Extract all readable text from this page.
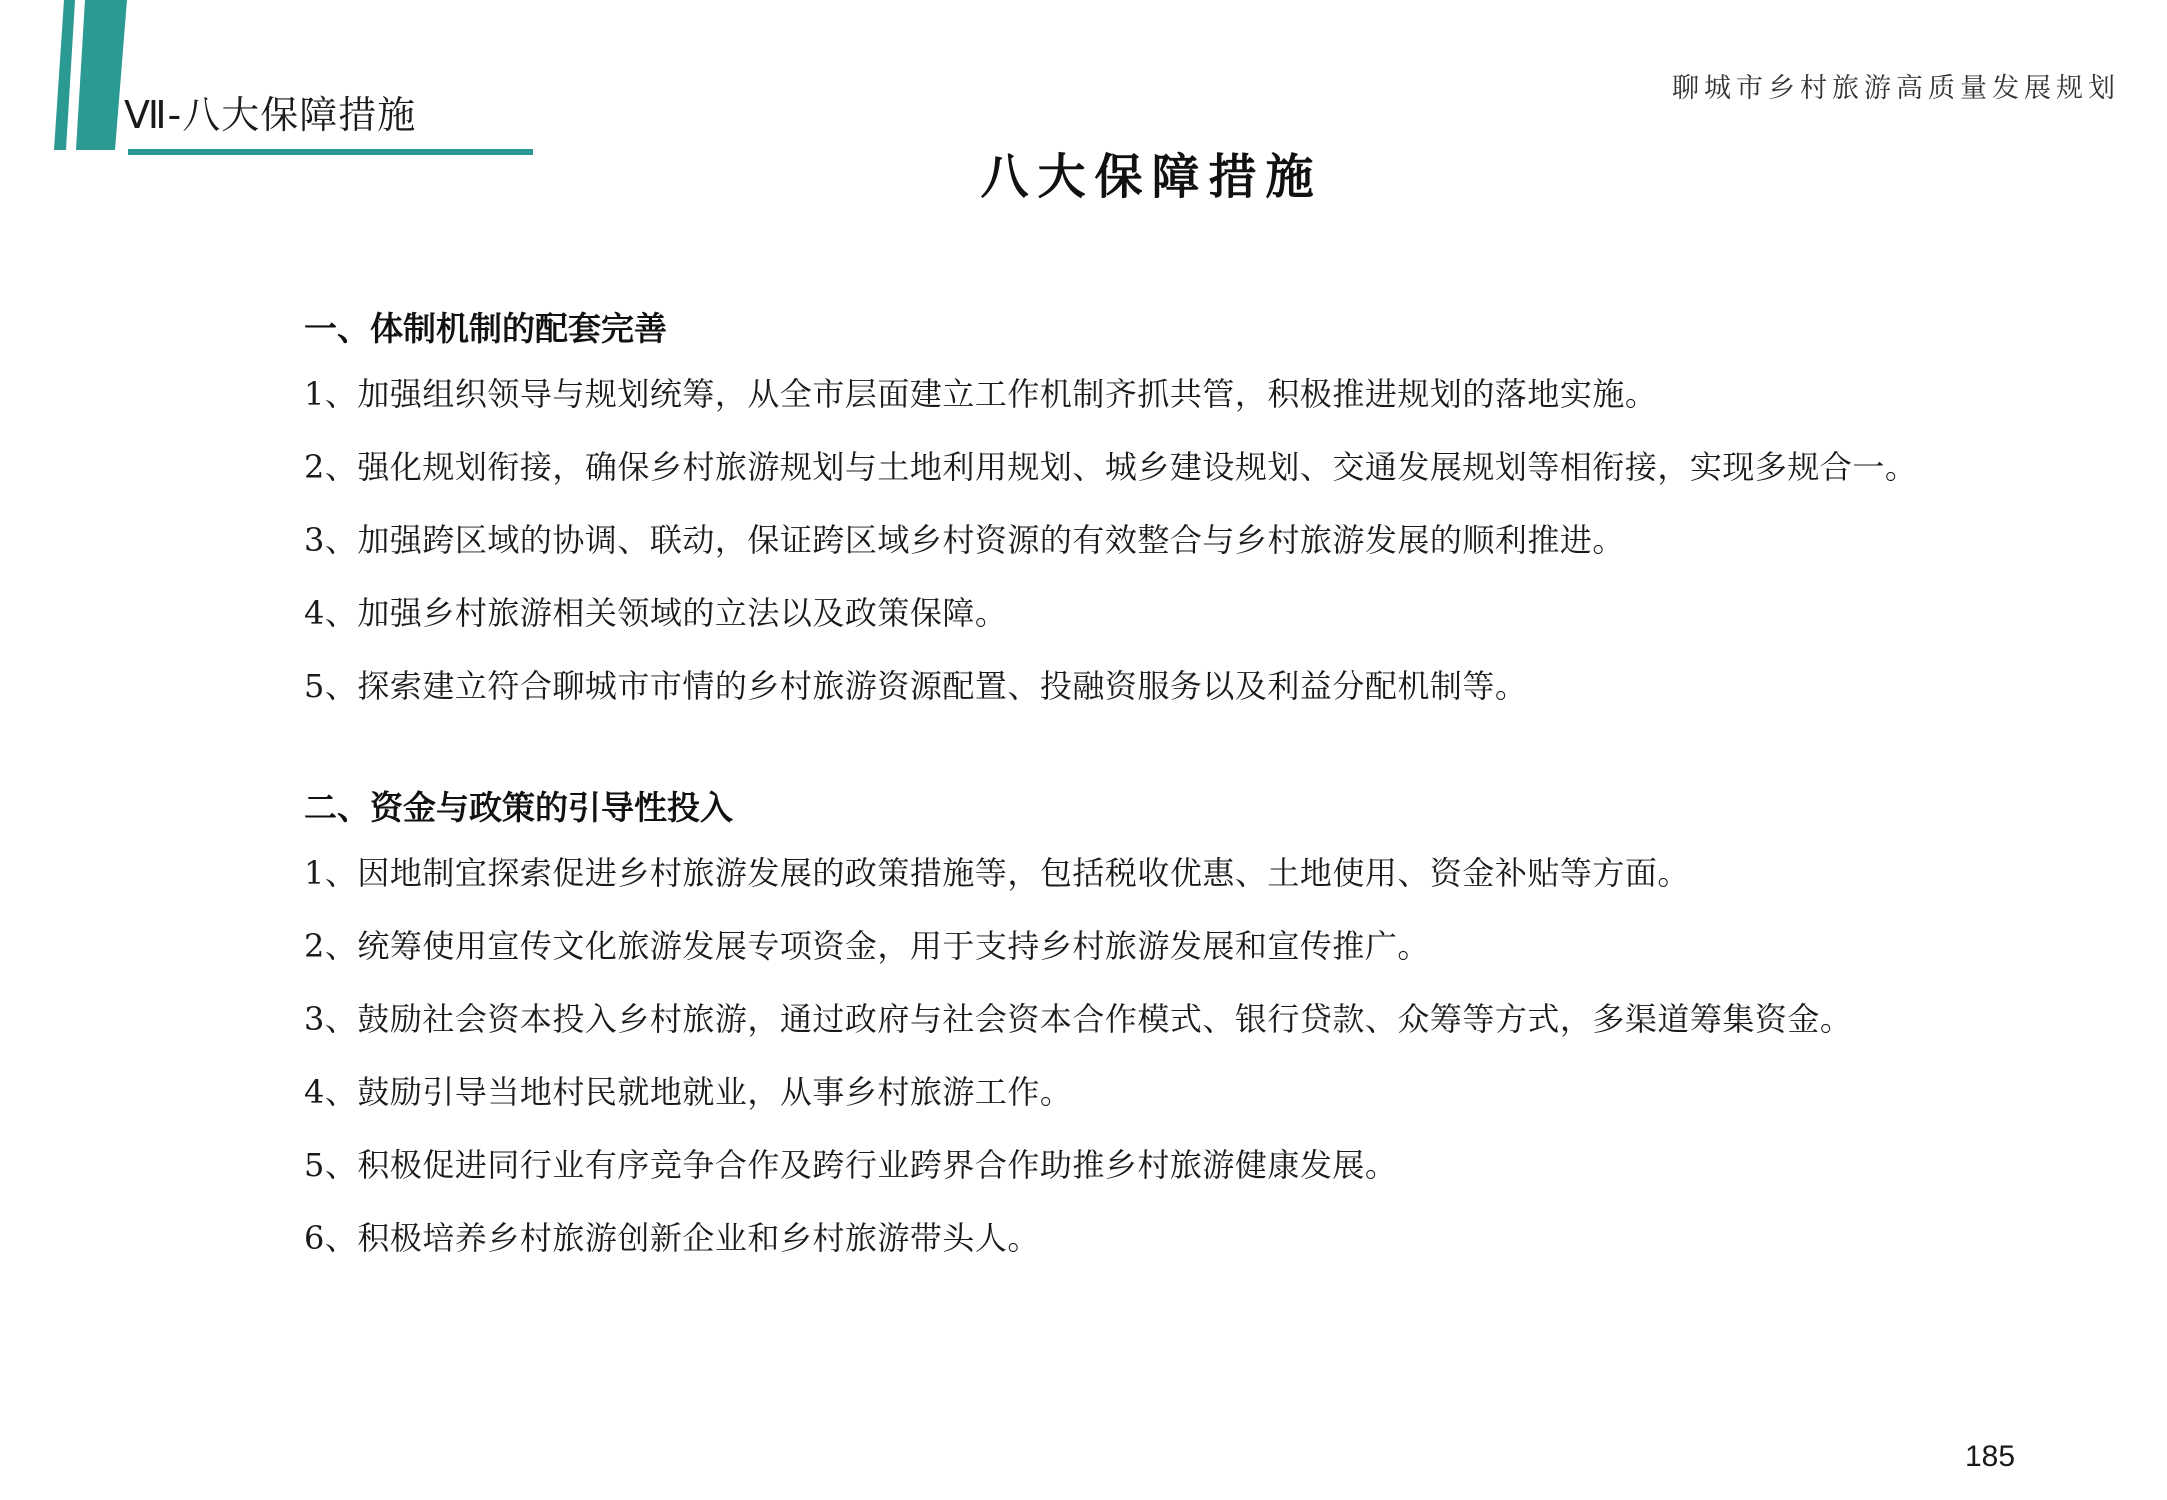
Ⅶ-八大保障措施
聊城市乡村旅游高质量发展规划
八大保障措施
一、体制机制的配套完善
1、加强组织领导与规划统筹，从全市层面建立工作机制齐抓共管，积极推进规划的落地实施。
2、强化规划衔接，确保乡村旅游规划与土地利用规划、城乡建设规划、交通发展规划等相衔接，实现多规合一。
3、加强跨区域的协调、联动，保证跨区域乡村资源的有效整合与乡村旅游发展的顺利推进。
4、加强乡村旅游相关领域的立法以及政策保障。
5、探索建立符合聊城市市情的乡村旅游资源配置、投融资服务以及利益分配机制等。
二、资金与政策的引导性投入
1、因地制宜探索促进乡村旅游发展的政策措施等，包括税收优惠、土地使用、资金补贴等方面。
2、统筹使用宣传文化旅游发展专项资金，用于支持乡村旅游发展和宣传推广。
3、鼓励社会资本投入乡村旅游，通过政府与社会资本合作模式、银行贷款、众筹等方式，多渠道筹集资金。
4、鼓励引导当地村民就地就业，从事乡村旅游工作。
5、积极促进同行业有序竞争合作及跨行业跨界合作助推乡村旅游健康发展。
6、积极培养乡村旅游创新企业和乡村旅游带头人。
185
